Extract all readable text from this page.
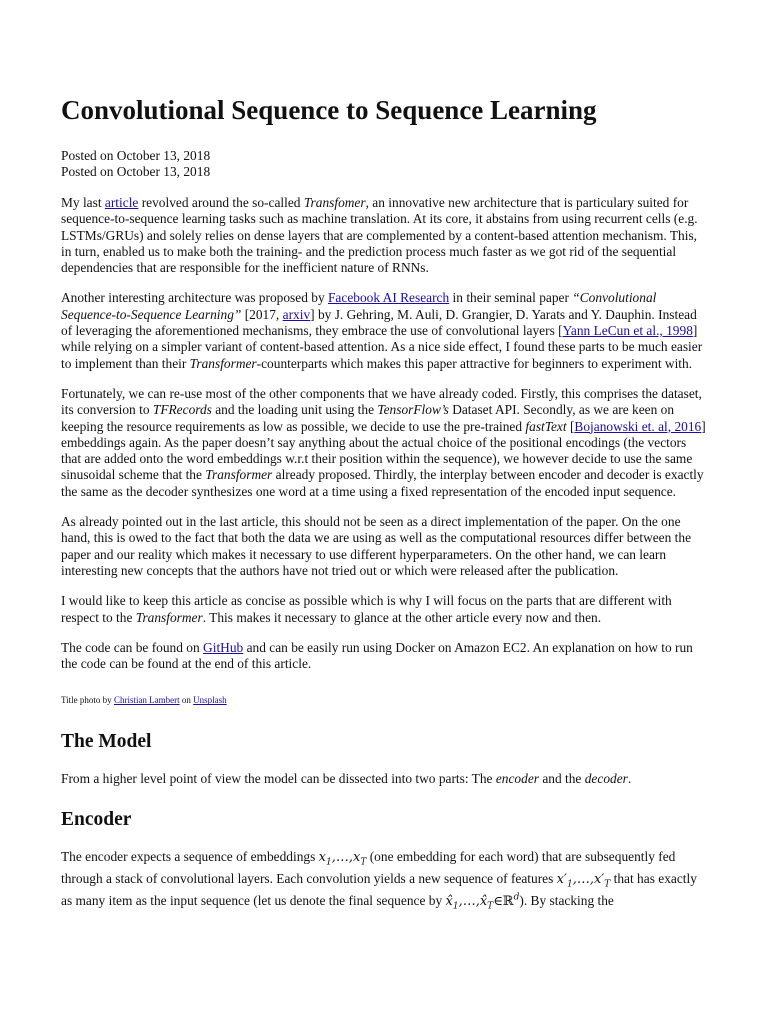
Convolutional Sequence to Sequence Learning
Posted on October 13, 2018
Posted on October 13, 2018

My last article revolved around the so-called Transfomer, an innovative new architecture that is particulary suited for sequence-to-sequence learning tasks such as machine translation. At its core, it abstains from using recurrent cells (e.g. LSTMs/GRUs) and solely relies on dense layers that are complemented by a content-based attention mechanism. This, in turn, enabled us to make both the training- and the prediction process much faster as we got rid of the sequential dependencies that are responsible for the inefficient nature of RNNs.

Another interesting architecture was proposed by Facebook AI Research in their seminal paper “Convolutional Sequence-to-Sequence Learning” [2017, arxiv] by J. Gehring, M. Auli, D. Grangier, D. Yarats and Y. Dauphin. Instead of leveraging the aforementioned mechanisms, they embrace the use of convolutional layers [Yann LeCun et al., 1998] while relying on a simpler variant of content-based attention. As a nice side effect, I found these parts to be much easier to implement than their Transformer-counterparts which makes this paper attractive for beginners to experiment with.

Fortunately, we can re-use most of the other components that we have already coded. Firstly, this comprises the dataset, its conversion to TFRecords and the loading unit using the TensorFlow’s Dataset API. Secondly, as we are keen on keeping the resource requirements as low as possible, we decide to use the pre-trained fastText [Bojanowski et. al, 2016] embeddings again. As the paper doesn’t say anything about the actual choice of the positional encodings (the vectors that are added onto the word embeddings w.r.t their position within the sequence), we however decide to use the same sinusoidal scheme that the Transformer already proposed. Thirdly, the interplay between encoder and decoder is exactly the same as the decoder synthesizes one word at a time using a fixed representation of the encoded input sequence.

As already pointed out in the last article, this should not be seen as a direct implementation of the paper. On the one hand, this is owed to the fact that both the data we are using as well as the computational resources differ between the paper and our reality which makes it necessary to use different hyperparameters. On the other hand, we can learn interesting new concepts that the authors have not tried out or which were released after the publication.

I would like to keep this article as concise as possible which is why I will focus on the parts that are different with respect to the Transformer. This makes it necessary to glance at the other article every now and then.

The code can be found on GitHub and can be easily run using Docker on Amazon EC2. An explanation on how to run the code can be found at the end of this article.

Title photo by Christian Lambert on Unsplash
The Model

From a higher level point of view the model can be dissected into two parts: The encoder and the decoder.

Encoder

The encoder expects a sequence of embeddings $x_1,\dots,x_T$ (one embedding for each word) that are subsequently fed through a stack of convolutional layers. Each convolution yields a new sequence of features $x'_1,\dots,x'_T$ that has exactly as many item as the input sequence (let us denote the final sequence by $x̂_1,\dots,x̂_T\in ℝ^d$). By stacking the
